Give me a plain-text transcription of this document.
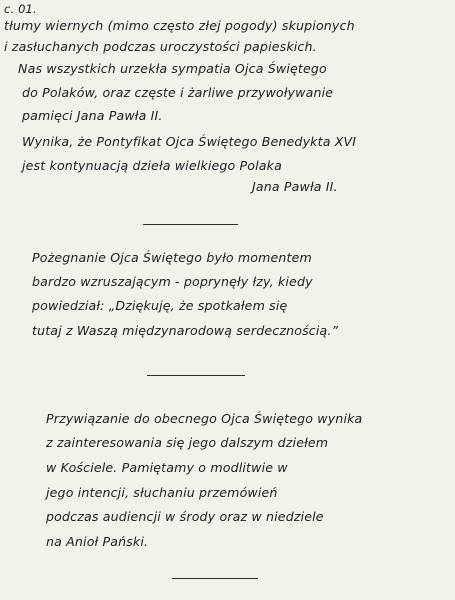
c. 01.
tłumy wiernych (mimo często złej pogody) skupionych
i zasłuchanych podczas uroczystości papieskich.
Nas wszystkich urzekła sympatia Ojca Świętego
do Polaków, oraz częste i żarliwe przywoływanie
pamięci Jana Pawła II.
Wynika, że Pontyfikat Ojca Świętego Benedykta XVI
jest kontynuacją dzieła wielkiego Polaka
Jana Pawła II.
Pożegnanie Ojca Świętego było momentem
bardzo wzruszającym - poprynęły łzy, kiedy
powiedział: „Dziękuję, że spotkałem się
tutaj z Waszą międzynarodową serdecznością.”
Przywiązanie do obecnego Ojca Świętego wynika
z zainteresowania się jego dalszym dziełem
w Kościele. Pamiętamy o modlitwie w
jego intencji, słuchaniu przemówień
podczas audiencji w środy oraz w niedziele
na Anioł Pański.
